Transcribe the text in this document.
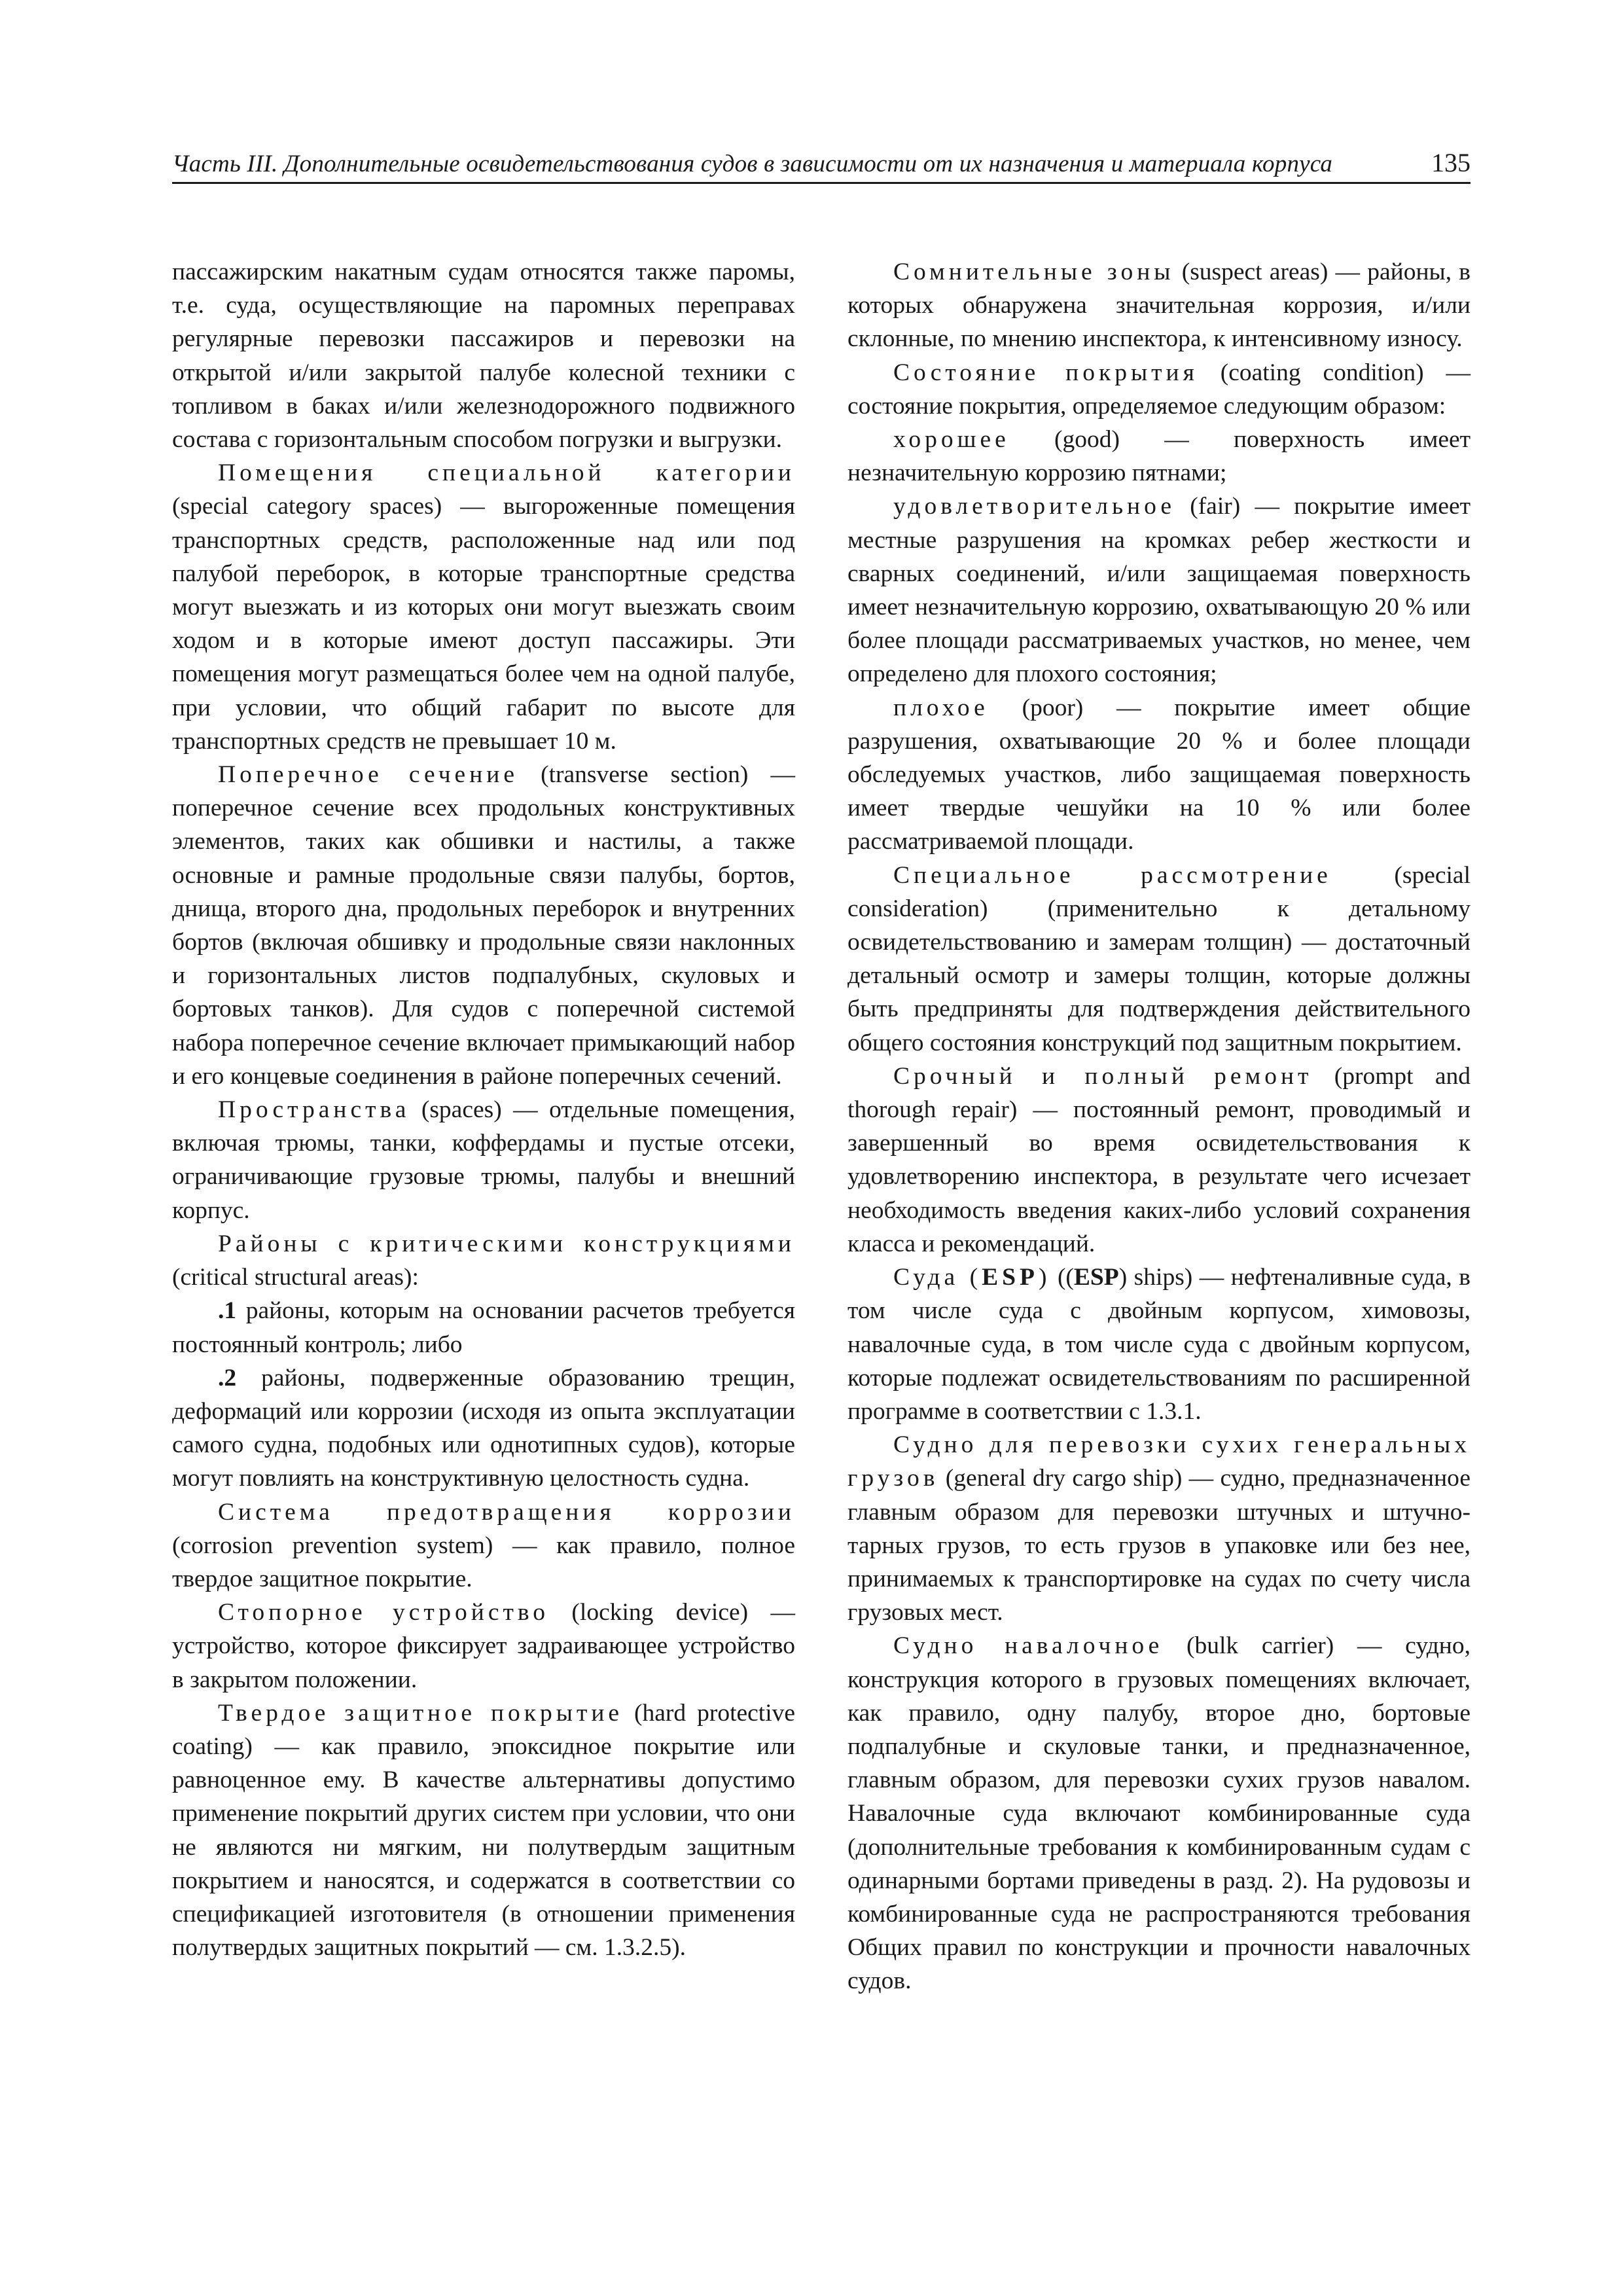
Часть III. Дополнительные освидетельствования судов в зависимости от их назначения и материала корпуса	135

пассажирским накатным судам относятся также паромы, т.е. суда, осуществляющие на паромных переправах регулярные перевозки пассажиров и перевозки на открытой и/или закрытой палубе колесной техники с топливом в баках и/или железнодорожного подвижного состава с горизонтальным способом погрузки и выгрузки.

Помещения специальной категории (special category spaces) — выгороженные помещения транспортных средств, расположенные над или под палубой переборок, в которые транспортные средства могут выезжать и из которых они могут выезжать своим ходом и в которые имеют доступ пассажиры. Эти помещения могут размещаться более чем на одной палубе, при условии, что общий габарит по высоте для транспортных средств не превышает 10 м.

Поперечное сечение (transverse section) — поперечное сечение всех продольных конструктивных элементов, таких как обшивки и настилы, а также основные и рамные продольные связи палубы, бортов, днища, второго дна, продольных переборок и внутренних бортов (включая обшивку и продольные связи наклонных и горизонтальных листов подпалубных, скуловых и бортовых танков). Для судов с поперечной системой набора поперечное сечение включает примыкающий набор и его концевые соединения в районе поперечных сечений.

Пространства (spaces) — отдельные помещения, включая трюмы, танки, коффердамы и пустые отсеки, ограничивающие грузовые трюмы, палубы и внешний корпус.

Районы с критическими конструкциями (critical structural areas):

.1 районы, которым на основании расчетов требуется постоянный контроль; либо

.2 районы, подверженные образованию трещин, деформаций или коррозии (исходя из опыта эксплуатации самого судна, подобных или однотипных судов), которые могут повлиять на конструктивную целостность судна.

Система предотвращения коррозии (corrosion prevention system) — как правило, полное твердое защитное покрытие.

Стопорное устройство (locking device) — устройство, которое фиксирует задраивающее устройство в закрытом положении.

Твердое защитное покрытие (hard protective coating) — как правило, эпоксидное покрытие или равноценное ему. В качестве альтернативы допустимо применение покрытий других систем при условии, что они не являются ни мягким, ни полутвердым защитным покрытием и наносятся, и содержатся в соответствии со спецификацией изготовителя (в отношении применения полутвердых защитных покрытий — см. 1.3.2.5).

Сомнительные зоны (suspect areas) — районы, в которых обнаружена значительная коррозия, и/или склонные, по мнению инспектора, к интенсивному износу.

Состояние покрытия (coating condition) — состояние покрытия, определяемое следующим образом:

хорошее (good) — поверхность имеет незначительную коррозию пятнами;

удовлетворительное (fair) — покрытие имеет местные разрушения на кромках ребер жесткости и сварных соединений, и/или защищаемая поверхность имеет незначительную коррозию, охватывающую 20 % или более площади рассматриваемых участков, но менее, чем определено для плохого состояния;

плохое (poor) — покрытие имеет общие разрушения, охватывающие 20 % и более площади обследуемых участков, либо защищаемая поверхность имеет твердые чешуйки на 10 % или более рассматриваемой площади.

Специальное рассмотрение (special consideration) (применительно к детальному освидетельствованию и замерам толщин) — достаточный детальный осмотр и замеры толщин, которые должны быть предприняты для подтверждения действительного общего состояния конструкций под защитным покрытием.

Срочный и полный ремонт (prompt and thorough repair) — постоянный ремонт, проводимый и завершенный во время освидетельствования к удовлетворению инспектора, в результате чего исчезает необходимость введения каких-либо условий сохранения класса и рекомендаций.

Суда (ESP) ((ESP) ships) — нефтеналивные суда, в том числе суда с двойным корпусом, химовозы, навалочные суда, в том числе суда с двойным корпусом, которые подлежат освидетельствованиям по расширенной программе в соответствии с 1.3.1.

Судно для перевозки сухих генеральных грузов (general dry cargo ship) — судно, предназначенное главным образом для перевозки штучных и штучно-тарных грузов, то есть грузов в упаковке или без нее, принимаемых к транспортировке на судах по счету числа грузовых мест.

Судно навалочное (bulk carrier) — судно, конструкция которого в грузовых помещениях включает, как правило, одну палубу, второе дно, бортовые подпалубные и скуловые танки, и предназначенное, главным образом, для перевозки сухих грузов навалом. Навалочные суда включают комбинированные суда (дополнительные требования к комбинированным судам с одинарными бортами приведены в разд. 2). На рудовозы и комбинированные суда не распространяются требования Общих правил по конструкции и прочности навалочных судов.
